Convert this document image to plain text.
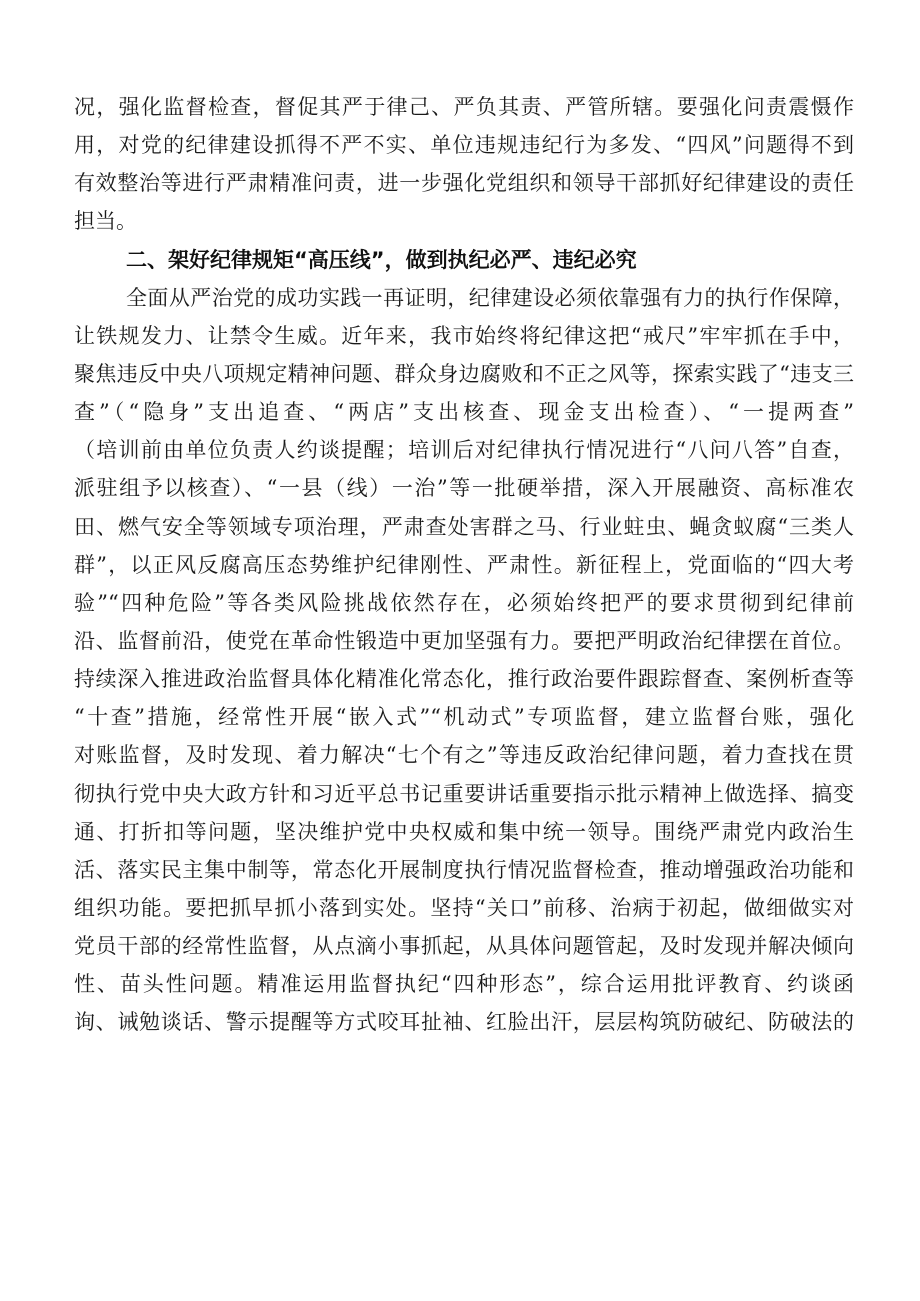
况，强化监督检查，督促其严于律己、严负其责、严管所辖。要强化问责震慑作
用，对党的纪律建设抓得不严不实、单位违规违纪行为多发、“四风”问题得不到
有效整治等进行严肃精准问责，进一步强化党组织和领导干部抓好纪律建设的责任
担当。
二、架好纪律规矩“高压线”，做到执纪必严、违纪必究
全面从严治党的成功实践一再证明，纪律建设必须依靠强有力的执行作保障，
让铁规发力、让禁令生威。近年来，我市始终将纪律这把“戒尺”牢牢抓在手中，
聚焦违反中央八项规定精神问题、群众身边腐败和不正之风等，探索实践了“违支三
查”（“隐身”支出追查、“两店”支出核查、现金支出检查）、“一提两查”
（培训前由单位负责人约谈提醒；培训后对纪律执行情况进行“八问八答”自查，
派驻组予以核查）、“一县（线）一治”等一批硬举措，深入开展融资、高标准农
田、燃气安全等领域专项治理，严肃查处害群之马、行业蛀虫、蝇贪蚁腐“三类人
群”，以正风反腐高压态势维护纪律刚性、严肃性。新征程上，党面临的“四大考
验”“四种危险”等各类风险挑战依然存在，必须始终把严的要求贯彻到纪律前
沿、监督前沿，使党在革命性锻造中更加坚强有力。要把严明政治纪律摆在首位。
持续深入推进政治监督具体化精准化常态化，推行政治要件跟踪督查、案例析查等
“十查”措施，经常性开展“嵌入式”“机动式”专项监督，建立监督台账，强化
对账监督，及时发现、着力解决“七个有之”等违反政治纪律问题，着力查找在贯
彻执行党中央大政方针和习近平总书记重要讲话重要指示批示精神上做选择、搞变
通、打折扣等问题，坚决维护党中央权威和集中统一领导。围绕严肃党内政治生
活、落实民主集中制等，常态化开展制度执行情况监督检查，推动增强政治功能和
组织功能。要把抓早抓小落到实处。坚持“关口”前移、治病于初起，做细做实对
党员干部的经常性监督，从点滴小事抓起，从具体问题管起，及时发现并解决倾向
性、苗头性问题。精准运用监督执纪“四种形态”，综合运用批评教育、约谈函
询、诫勉谈话、警示提醒等方式咬耳扯袖、红脸出汗，层层构筑防破纪、防破法的
